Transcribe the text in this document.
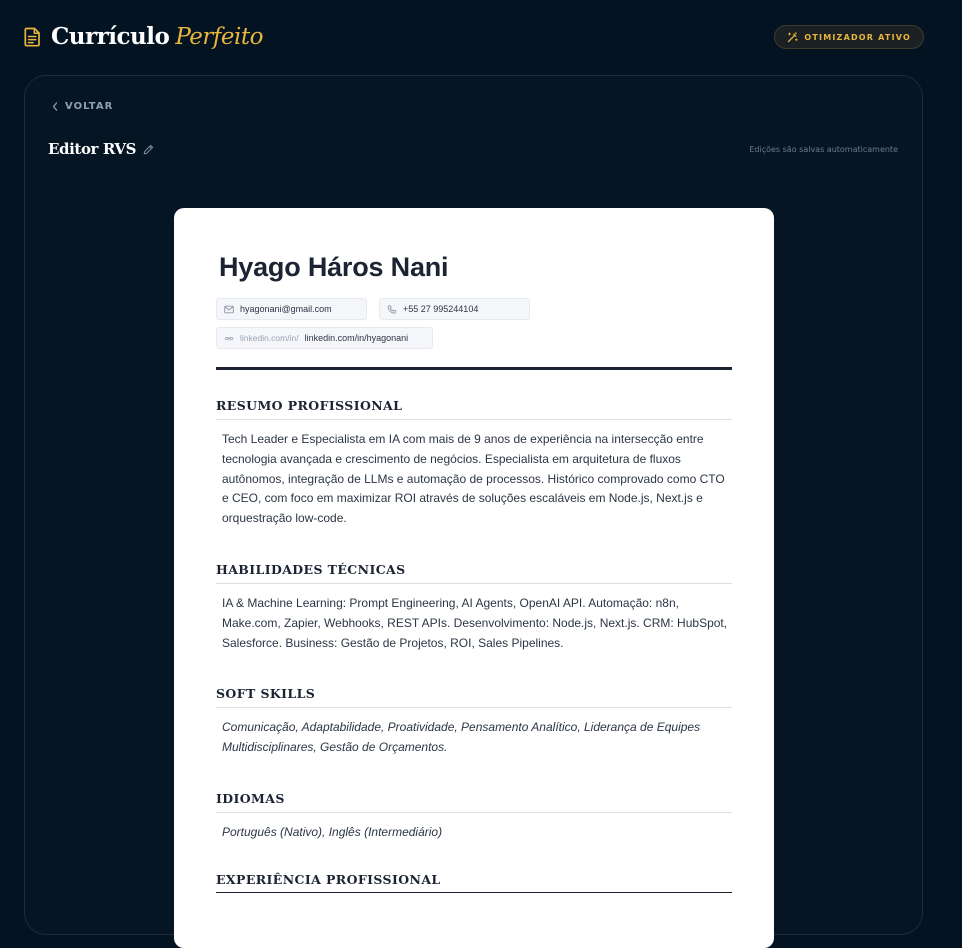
Currículo Perfeito	OTIMIZADOR ATIVO
VOLTAR
Editor RVS	Edições são salvas automaticamente
Hyago Háros Nani
hyagonani@gmail.com	+55 27 995244104
linkedin.com/in/ linkedin.com/in/hyagonani
RESUMO PROFISSIONAL

Tech Leader e Especialista em IA com mais de 9 anos de experiência na intersecção entre tecnologia avançada e crescimento de negócios. Especialista em arquitetura de fluxos autônomos, integração de LLMs e automação de processos. Histórico comprovado como CTO e CEO, com foco em maximizar ROI através de soluções escaláveis em Node.js, Next.js e orquestração low-code.

HABILIDADES TÉCNICAS

IA & Machine Learning: Prompt Engineering, AI Agents, OpenAI API. Automação: n8n, Make.com, Zapier, Webhooks, REST APIs. Desenvolvimento: Node.js, Next.js. CRM: HubSpot, Salesforce. Business: Gestão de Projetos, ROI, Sales Pipelines.

SOFT SKILLS

Comunicação, Adaptabilidade, Proatividade, Pensamento Analítico, Liderança de Equipes Multidisciplinares, Gestão de Orçamentos.

IDIOMAS

Português (Nativo), Inglês (Intermediário)

EXPERIÊNCIA PROFISSIONAL
